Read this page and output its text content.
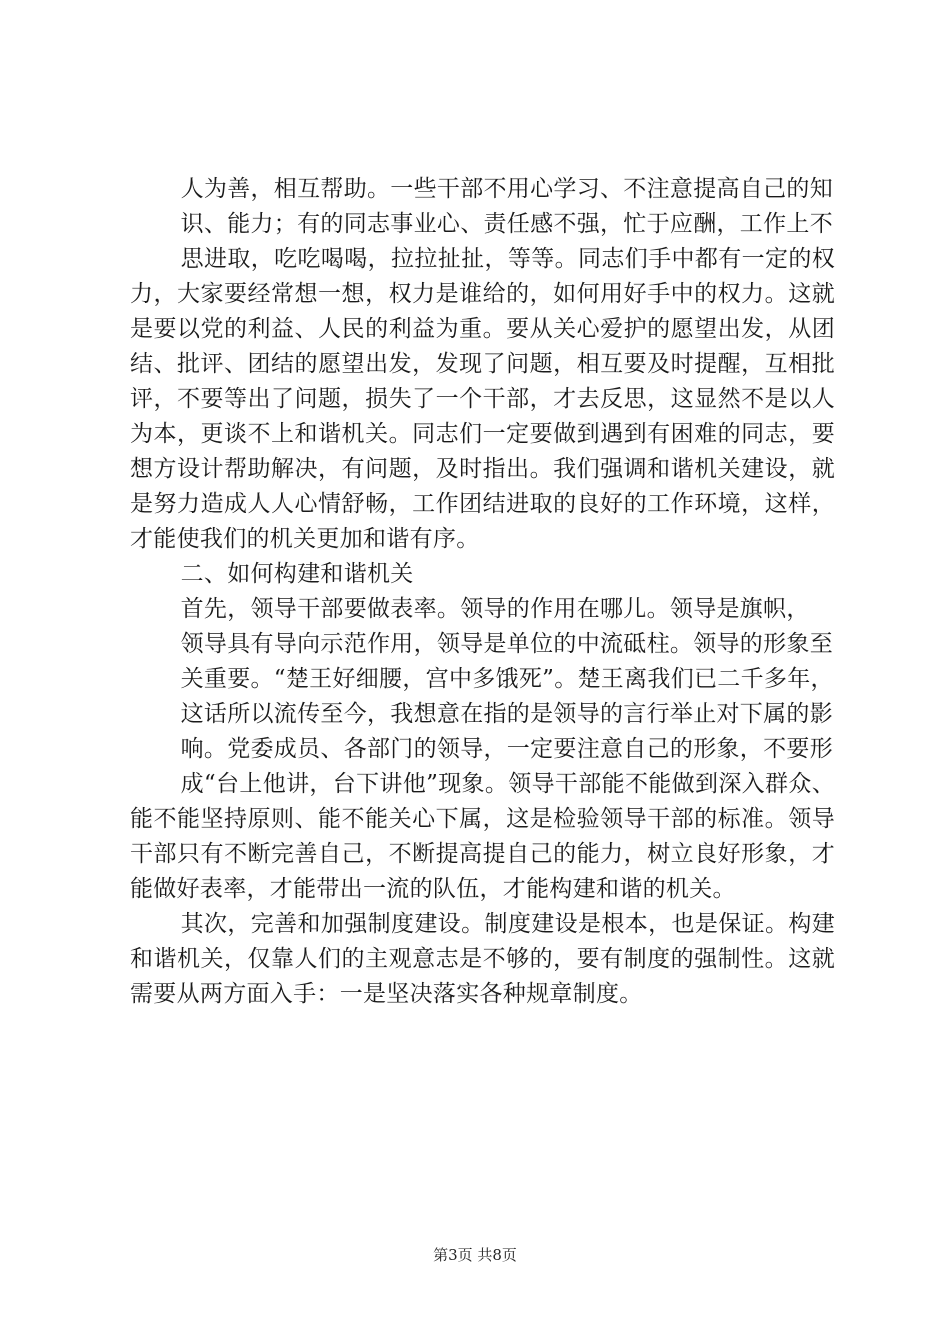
人为善，相互帮助。一些干部不用心学习、不注意提高自己的知

识、能力；有的同志事业心、责任感不强，忙于应酬，工作上不

思进取，吃吃喝喝，拉拉扯扯，等等。同志们手中都有一定的权力，大家要经常想一想，权力是谁给的，如何用好手中的权力。这就是要以党的利益、人民的利益为重。要从关心爱护的愿望出发，从团结、批评、团结的愿望出发，发现了问题，相互要及时提醒，互相批评，不要等出了问题，损失了一个干部，才去反思，这显然不是以人为本，更谈不上和谐机关。同志们一定要做到遇到有困难的同志，要想方设计帮助解决，有问题，及时指出。我们强调和谐机关建设，就是努力造成人人心情舒畅，工作团结进取的良好的工作环境，这样，才能使我们的机关更加和谐有序。

二、如何构建和谐机关

首先，领导干部要做表率。领导的作用在哪儿。领导是旗帜，

领导具有导向示范作用，领导是单位的中流砥柱。领导的形象至

关重要。“楚王好细腰，宫中多饿死”。楚王离我们已二千多年，

这话所以流传至今，我想意在指的是领导的言行举止对下属的影

响。党委成员、各部门的领导，一定要注意自己的形象，不要形

成“台上他讲，台下讲他”现象。领导干部能不能做到深入群众、能不能坚持原则、能不能关心下属，这是检验领导干部的标准。领导干部只有不断完善自己，不断提高提自己的能力，树立良好形象，才能做好表率，才能带出一流的队伍，才能构建和谐的机关。

其次，完善和加强制度建设。制度建设是根本，也是保证。构建和谐机关，仅靠人们的主观意志是不够的，要有制度的强制性。这就需要从两方面入手：一是坚决落实各种规章制度。

第3页 共8页
